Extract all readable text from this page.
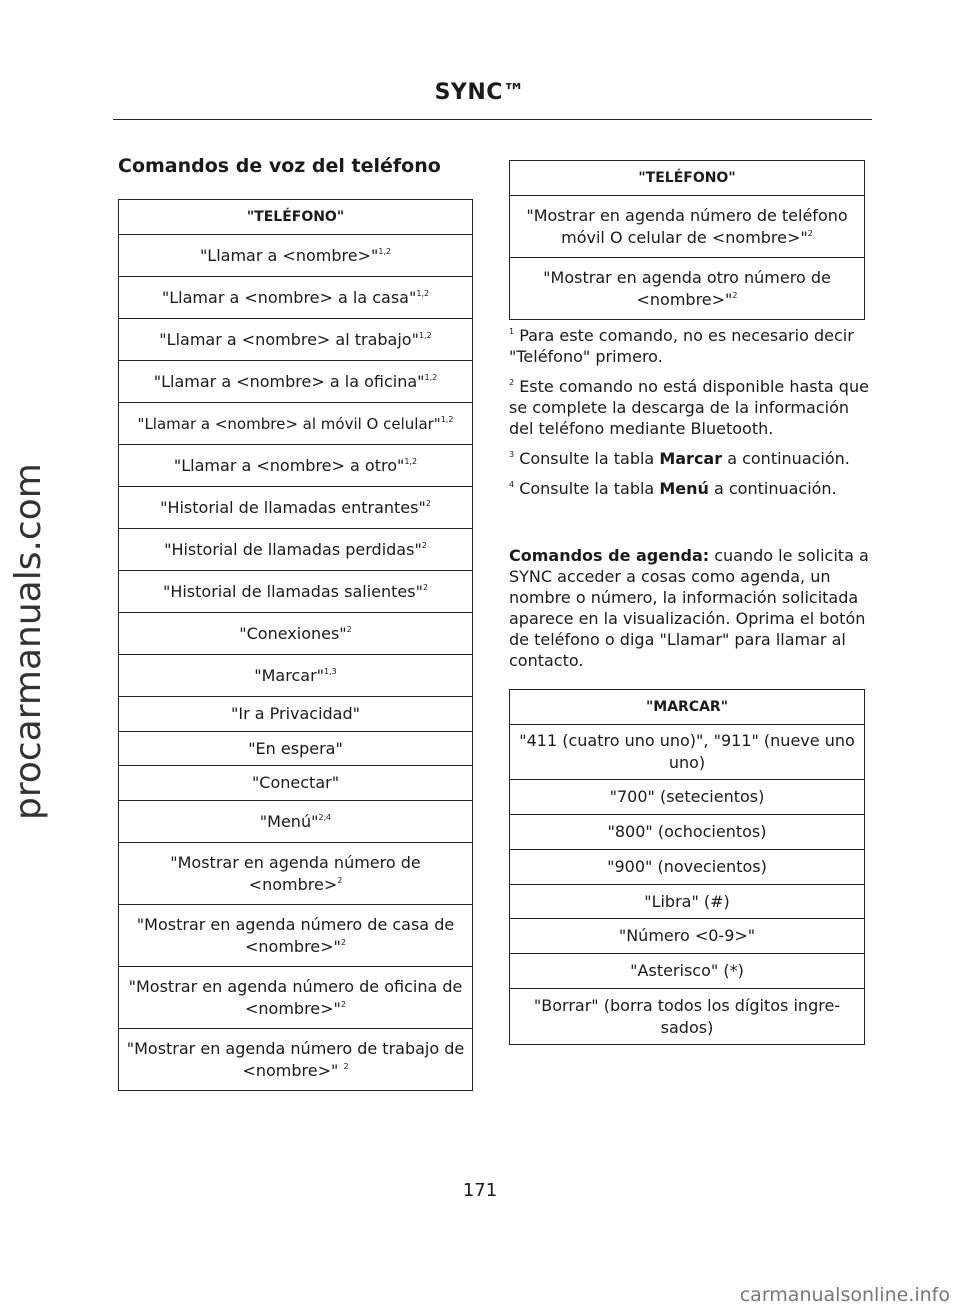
SYNC™
procarmanuals.com
Comandos de voz del teléfono
"TELÉFONO"
"Llamar a <nombre>"$^{1,2}$
"Llamar a <nombre> a la casa"$^{1,2}$
"Llamar a <nombre> al trabajo"$^{1,2}$
"Llamar a <nombre> a la oficina"$^{1,2}$
"Llamar a <nombre> al móvil O celular"$^{1,2}$
"Llamar a <nombre> a otro"$^{1,2}$
"Historial de llamadas entrantes"$^2$
"Historial de llamadas perdidas"$^2$
"Historial de llamadas salientes"$^2$
"Conexiones"$^2$
"Marcar"$^{1,3}$
"Ir a Privacidad"
"En espera"
"Conectar"
"Menú"$^{2,4}$
"Mostrar en agenda número de <nombre>$^2$
"Mostrar en agenda número de casa de <nombre>"$^2$
"Mostrar en agenda número de oficina de <nombre>"$^2$
"Mostrar en agenda número de trabajo de <nombre>" $^2$
"TELÉFONO"
"Mostrar en agenda número de teléfono móvil O celular de <nombre>"$^2$
"Mostrar en agenda otro número de <nombre>"$^2$

$^1$ Para este comando, no es necesario decir "Teléfono" primero.

$^2$ Este comando no está disponible hasta que se complete la descarga de la información del teléfono mediante Bluetooth.

$^3$ Consulte la tabla Marcar a continuación.

$^4$ Consulte la tabla Menú a continuación.

Comandos de agenda: cuando le solicita a SYNC acceder a cosas como agenda, un nombre o número, la información solicitada aparece en la visualización. Oprima el botón de teléfono o diga "Llamar" para llamar al contacto.
"MARCAR"
"411 (cuatro uno uno)", "911" (nueve uno uno)
"700" (setecientos)
"800" (ochocientos)
"900" (novecientos)
"Libra" (#)
"Número <0-9>"
"Asterisco" (*)
"Borrar" (borra todos los dígitos ingre- sados)
171
carmanualsonline.info
